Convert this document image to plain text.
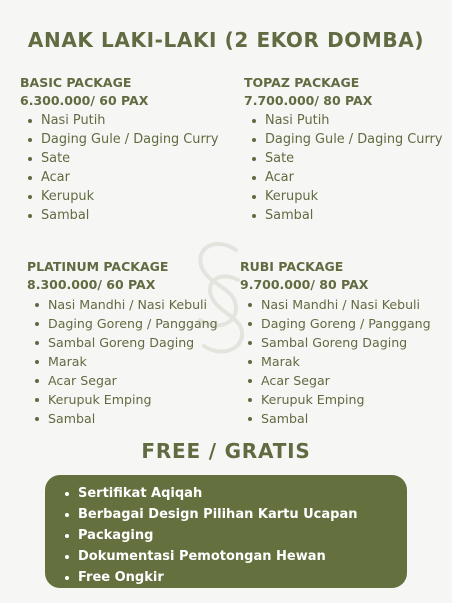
ANAK LAKI-LAKI (2 EKOR DOMBA)
BASIC PACKAGE
6.300.000/ 60 PAX
Nasi Putih
Daging Gule / Daging Curry
Sate
Acar
Kerupuk
Sambal
TOPAZ PACKAGE
7.700.000/ 80 PAX
Nasi Putih
Daging Gule / Daging Curry
Sate
Acar
Kerupuk
Sambal
PLATINUM PACKAGE
8.300.000/ 60 PAX
Nasi Mandhi / Nasi Kebuli
Daging Goreng / Panggang
Sambal Goreng Daging
Marak
Acar Segar
Kerupuk Emping
Sambal
RUBI PACKAGE
9.700.000/ 80 PAX
Nasi Mandhi / Nasi Kebuli
Daging Goreng / Panggang
Sambal Goreng Daging
Marak
Acar Segar
Kerupuk Emping
Sambal
FREE / GRATIS
Sertifikat Aqiqah
Berbagai Design Pilihan Kartu Ucapan
Packaging
Dokumentasi Pemotongan Hewan
Free Ongkir
